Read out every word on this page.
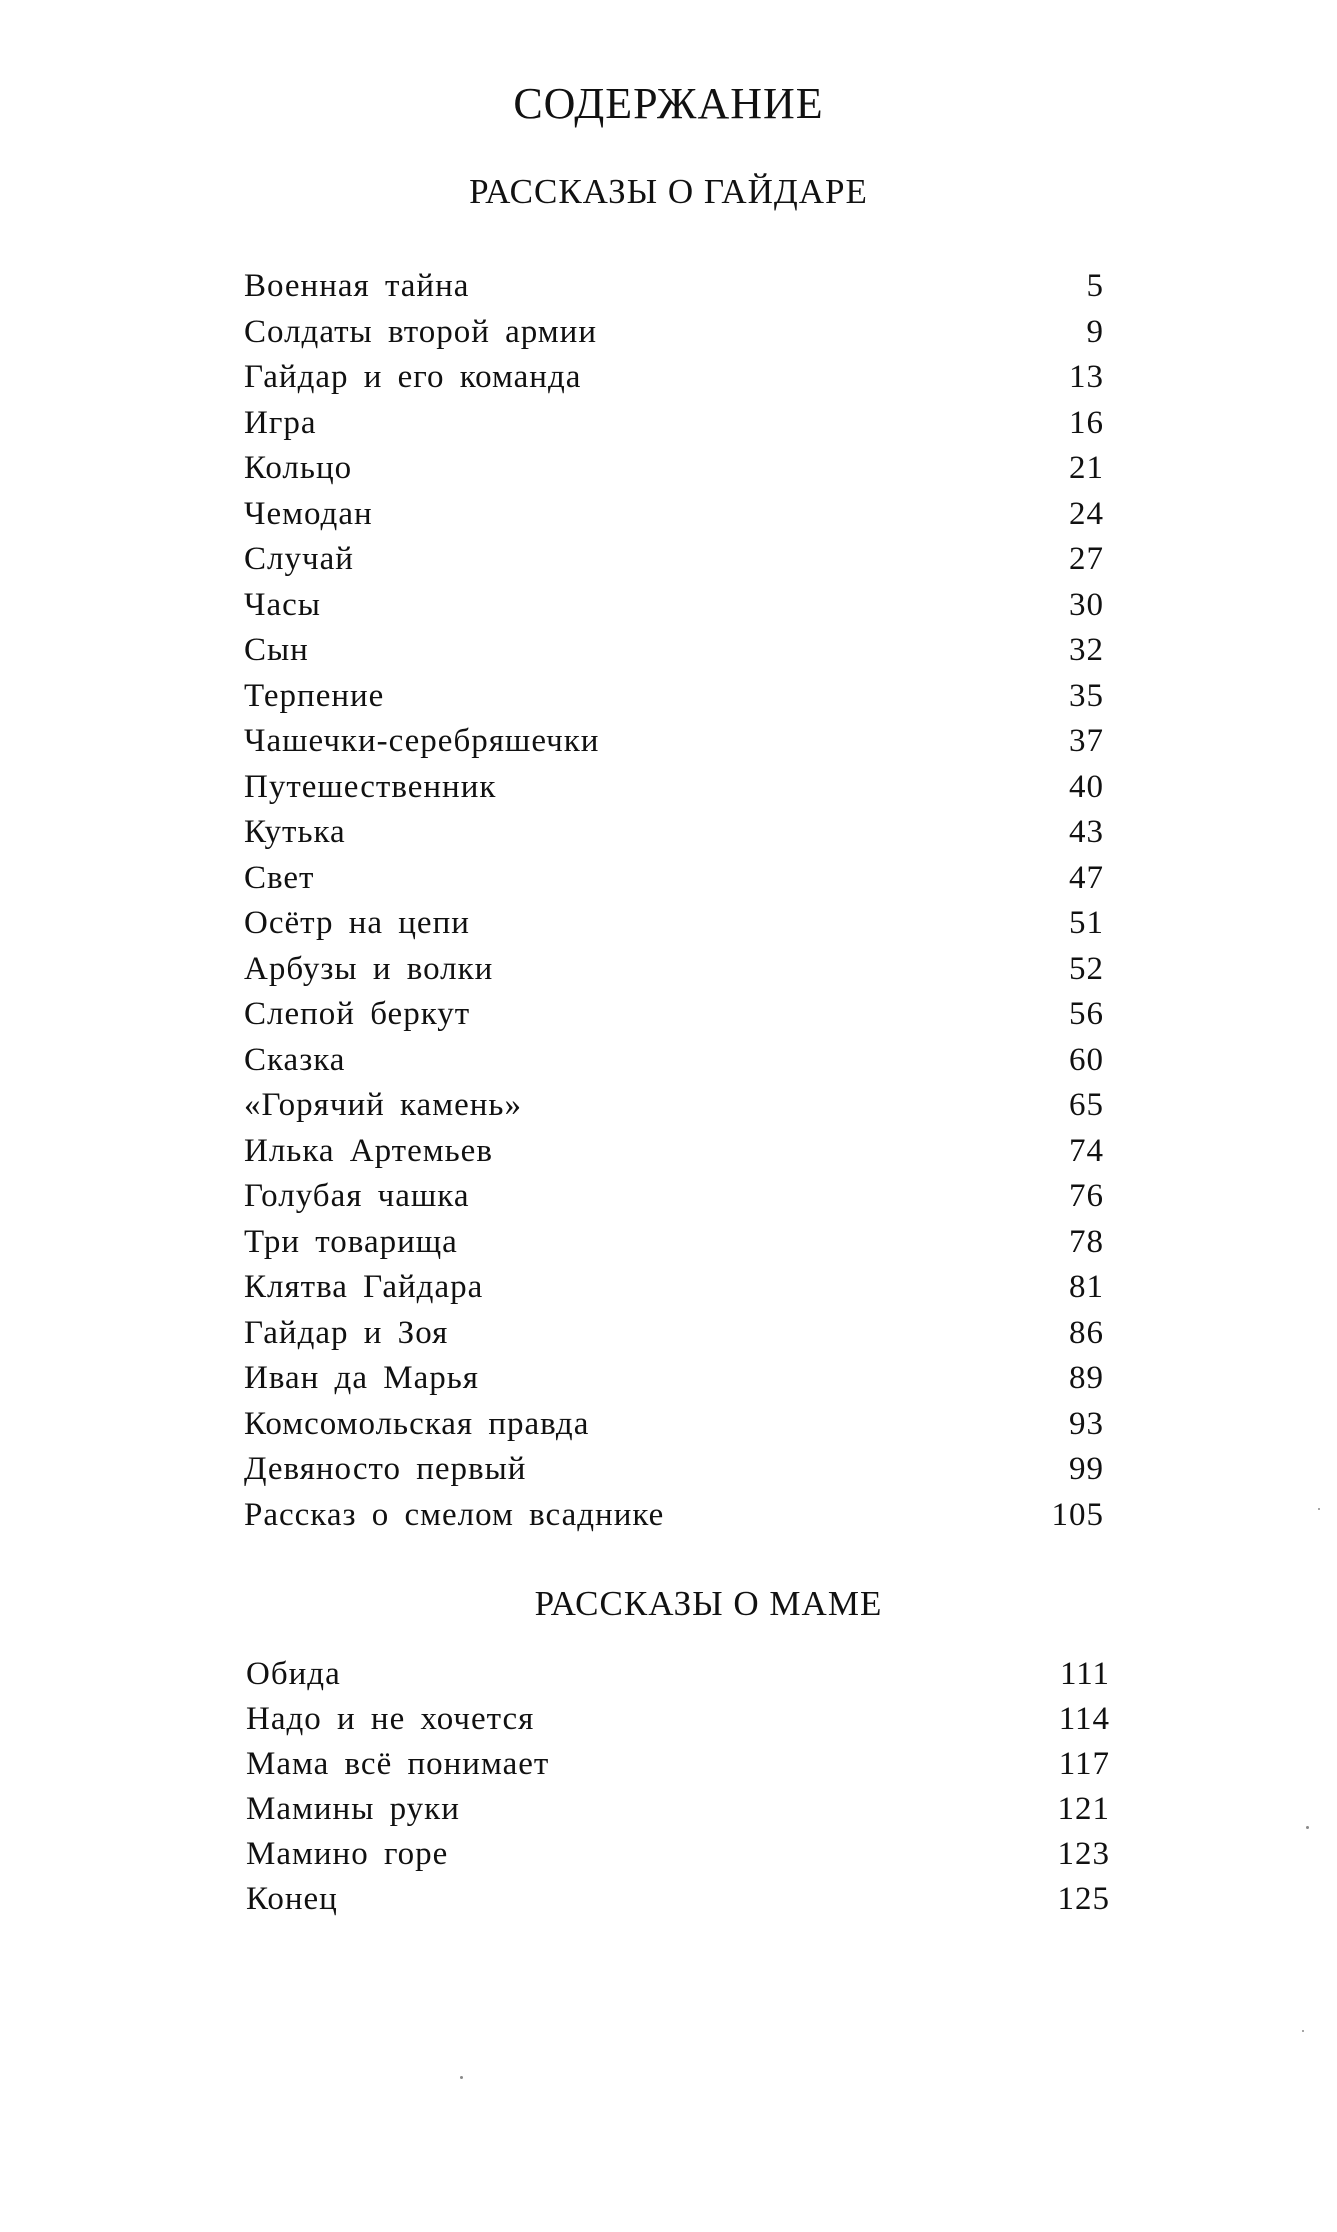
СОДЕРЖАНИЕ
РАССКАЗЫ О ГАЙДАРЕ
Военная тайна	5
Солдаты второй армии	9
Гайдар и его команда	13
Игра	16
Кольцо	21
Чемодан	24
Случай	27
Часы	30
Сын	32
Терпение	35
Чашечки-серебряшечки	37
Путешественник	40
Кутька	43
Свет	47
Осётр на цепи	51
Арбузы и волки	52
Слепой беркут	56
Сказка	60
«Горячий камень»	65
Илька Артемьев	74
Голубая чашка	76
Три товарища	78
Клятва Гайдара	81
Гайдар и Зоя	86
Иван да Марья	89
Комсомольская правда	93
Девяносто первый	99
Рассказ о смелом всаднике	105
РАССКАЗЫ О МАМЕ
Обида	111
Надо и не хочется	114
Мама всё понимает	117
Мамины руки	121
Мамино горе	123
Конец	125
